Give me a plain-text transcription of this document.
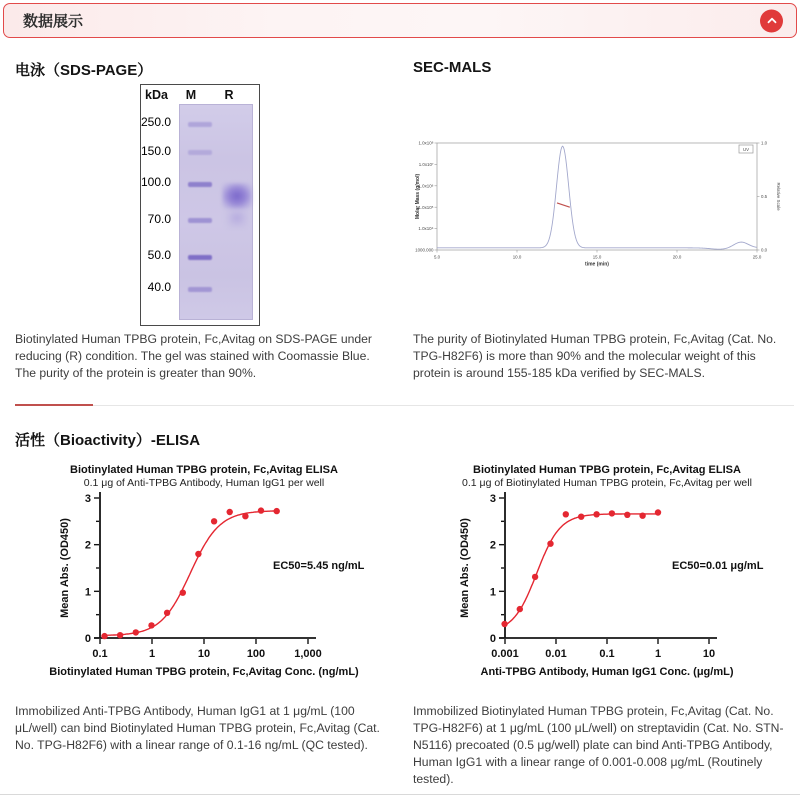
数据展示
电泳（SDS-PAGE）
kDa	M	R
250.0
150.0
100.0
70.0
50.0
40.0

Biotinylated Human TPBG protein, Fc,Avitag on SDS-PAGE under reducing (R) condition. The gel was stained with Coomassie Blue. The purity of the protein is greater than 90%.

SEC-MALS
5.0	10.0	15.0	20.0	25.0
time (min)
1.0x10⁸
1.0x10⁷
1.0x10⁶
1.0x10⁵
1.0x10⁴
1000.000
Molar Mass (g/mol)
1.0
0.5
0.0
Relative Scale
UV

The purity of Biotinylated Human TPBG protein, Fc,Avitag (Cat. No. TPG-H82F6) is more than 90% and the molecular weight of this protein is around 155-185 kDa verified by SEC-MALS.

活性（Bioactivity）-ELISA
Biotinylated Human TPBG protein, Fc,Avitag ELISA
0.1 μg of Anti-TPBG Antibody, Human IgG1 per well
0.1	1	10	100	1,000
0
1
2
3
Biotinylated Human TPBG protein, Fc,Avitag Conc. (ng/mL)
Mean Abs. (OD450)	EC50=5.45 ng/mL
Biotinylated Human TPBG protein, Fc,Avitag ELISA
0.1 μg of Biotinylated Human TPBG protein, Fc,Avitag per well
0.001 0.01	0.1	1	10
0
1
2
3
Anti-TPBG Antibody, Human IgG1 Conc. (μg/mL)
Mean Abs. (OD450)	EC50=0.01 μg/mL

Immobilized Anti-TPBG Antibody, Human IgG1 at 1 μg/mL (100 μL/well) can bind Biotinylated Human TPBG protein, Fc,Avitag (Cat. No. TPG-H82F6) with a linear range of 0.1-16 ng/mL (QC tested).

Immobilized Biotinylated Human TPBG protein, Fc,Avitag (Cat. No. TPG-H82F6) at 1 μg/mL (100 μL/well) on streptavidin (Cat. No. STN-N5116) precoated (0.5 μg/well) plate can bind Anti-TPBG Antibody, Human IgG1 with a linear range of 0.001-0.008 μg/mL (Routinely tested).
